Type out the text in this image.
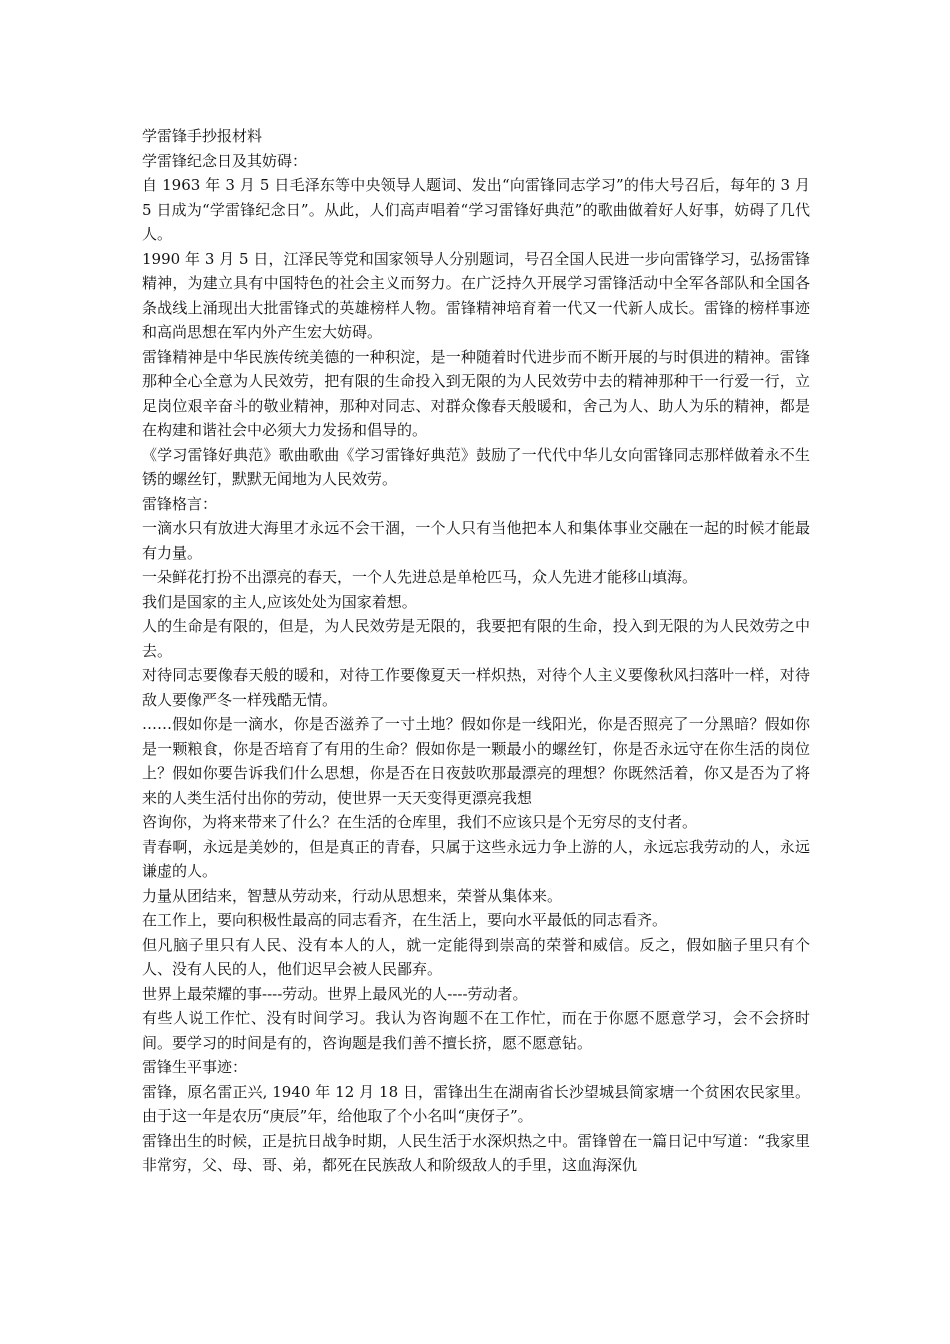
学雷锋手抄报材料

学雷锋纪念日及其妨碍：

自 1963 年 3 月 5 日毛泽东等中央领导人题词、发出“向雷锋同志学习”的伟大号召后，每年的 3 月 5 日成为“学雷锋纪念日”。从此，人们高声唱着“学习雷锋好典范”的歌曲做着好人好事，妨碍了几代人。

1990 年 3 月 5 日，江泽民等党和国家领导人分别题词，号召全国人民进一步向雷锋学习，弘扬雷锋精神，为建立具有中国特色的社会主义而努力。在广泛持久开展学习雷锋活动中全军各部队和全国各条战线上涌现出大批雷锋式的英雄榜样人物。雷锋精神培育着一代又一代新人成长。雷锋的榜样事迹和高尚思想在军内外产生宏大妨碍。

雷锋精神是中华民族传统美德的一种积淀，是一种随着时代进步而不断开展的与时俱进的精神。雷锋那种全心全意为人民效劳，把有限的生命投入到无限的为人民效劳中去的精神那种干一行爱一行，立足岗位艰辛奋斗的敬业精神，那种对同志、对群众像春天般暖和，舍己为人、助人为乐的精神，都是在构建和谐社会中必须大力发扬和倡导的。

《学习雷锋好典范》歌曲歌曲《学习雷锋好典范》鼓励了一代代中华儿女向雷锋同志那样做着永不生锈的螺丝钉，默默无闻地为人民效劳。

雷锋格言：

一滴水只有放进大海里才永远不会干涸，一个人只有当他把本人和集体事业交融在一起的时候才能最有力量。

一朵鲜花打扮不出漂亮的春天，一个人先进总是单枪匹马，众人先进才能移山填海。

我们是国家的主人,应该处处为国家着想。

人的生命是有限的，但是，为人民效劳是无限的，我要把有限的生命，投入到无限的为人民效劳之中去。

对待同志要像春天般的暖和，对待工作要像夏天一样炽热，对待个人主义要像秋风扫落叶一样，对待敌人要像严冬一样残酷无情。

……假如你是一滴水，你是否滋养了一寸土地？假如你是一线阳光，你是否照亮了一分黑暗？假如你是一颗粮食，你是否培育了有用的生命？假如你是一颗最小的螺丝钉，你是否永远守在你生活的岗位上？假如你要告诉我们什么思想，你是否在日夜鼓吹那最漂亮的理想？你既然活着，你又是否为了将来的人类生活付出你的劳动，使世界一天天变得更漂亮我想

咨询你，为将来带来了什么？在生活的仓库里，我们不应该只是个无穷尽的支付者。

青春啊，永远是美妙的，但是真正的青春，只属于这些永远力争上游的人，永远忘我劳动的人，永远谦虚的人。

力量从团结来，智慧从劳动来，行动从思想来，荣誉从集体来。

在工作上，要向积极性最高的同志看齐，在生活上，要向水平最低的同志看齐。

但凡脑子里只有人民、没有本人的人，就一定能得到崇高的荣誉和威信。反之，假如脑子里只有个人、没有人民的人，他们迟早会被人民鄙弃。

世界上最荣耀的事----劳动。世界上最风光的人----劳动者。

有些人说工作忙、没有时间学习。我认为咨询题不在工作忙，而在于你愿不愿意学习，会不会挤时间。要学习的时间是有的，咨询题是我们善不擅长挤，愿不愿意钻。

雷锋生平事迹：

雷锋，原名雷正兴, 1940 年 12 月 18 日，雷锋出生在湖南省长沙望城县简家塘一个贫困农民家里。由于这一年是农历“庚辰”年，给他取了个小名叫“庚伢子”。

雷锋出生的时候，正是抗日战争时期，人民生活于水深炽热之中。雷锋曾在一篇日记中写道：“我家里非常穷，父、母、哥、弟，都死在民族敌人和阶级敌人的手里，这血海深仇
